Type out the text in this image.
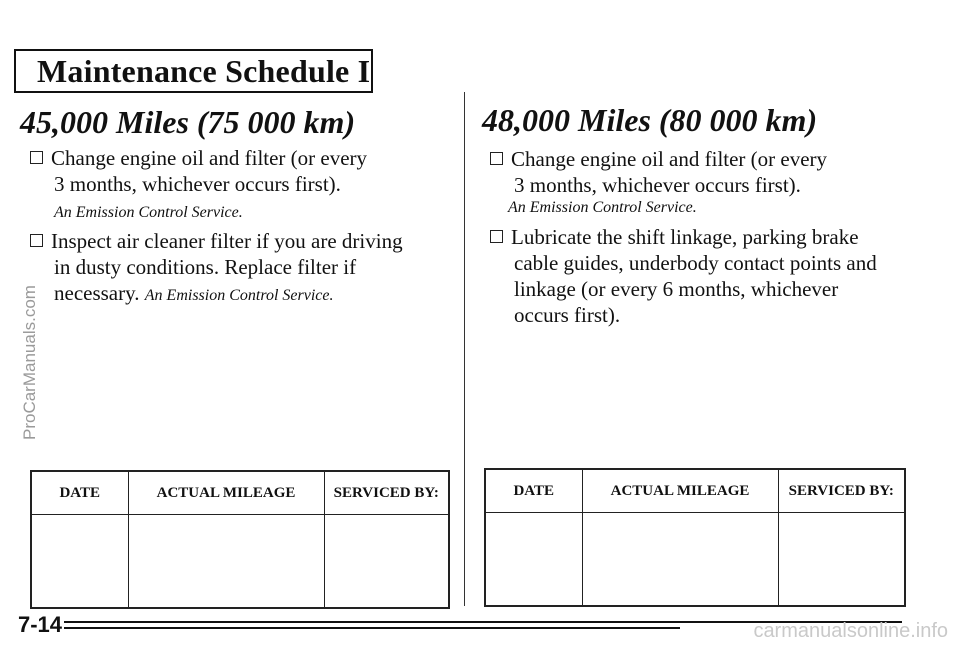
Maintenance Schedule I
45,000 Miles (75 000 km)
Change engine oil and filter (or every
3 months, whichever occurs first).
An Emission Control Service.
Inspect air cleaner filter if you are driving
in dusty conditions. Replace filter if
necessary. An Emission Control Service.
48,000 Miles (80 000 km)
Change engine oil and filter (or every
3 months, whichever occurs first).
An Emission Control Service.
Lubricate the shift linkage, parking brake
cable guides, underbody contact points and
linkage (or every 6 months, whichever
occurs first).
DATE	ACTUAL MILEAGE	SERVICED BY:
			DATE	ACTUAL MILEAGE	SERVICED BY:

7-14
ProCarManuals.com
carmanualsonline.info
